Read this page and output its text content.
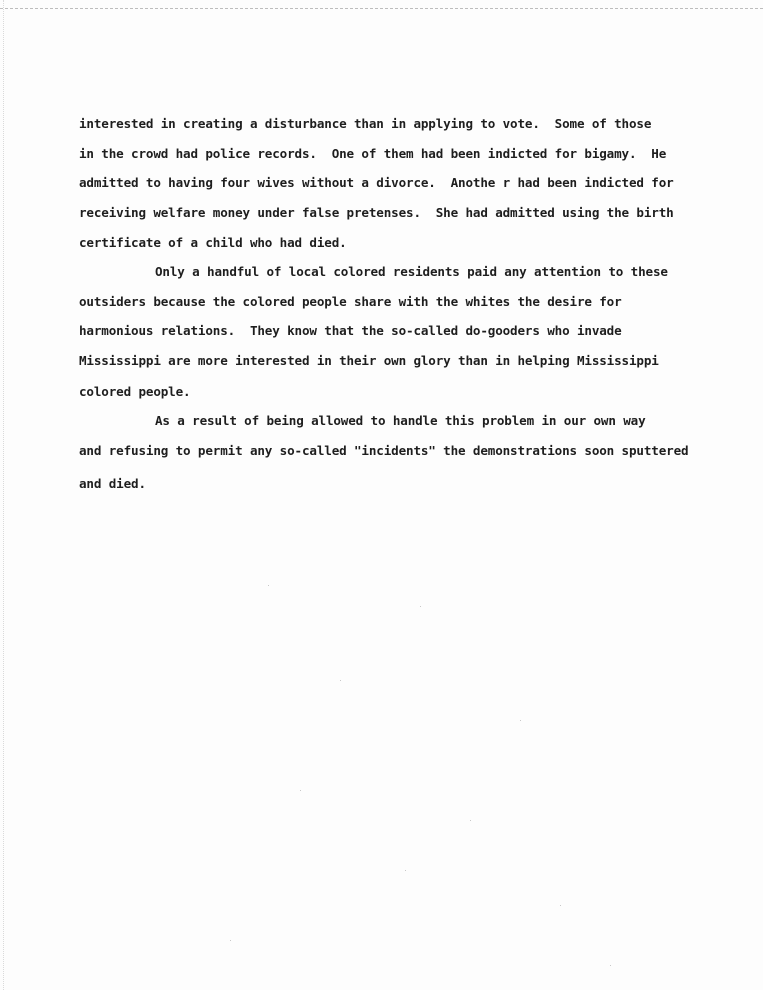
interested in creating a disturbance than in applying to vote.  Some of those

in the crowd had police records.  One of them had been indicted for bigamy.  He

admitted to having four wives without a divorce.  Anothe r had been indicted for

receiving welfare money under false pretenses.  She had admitted using the birth

certificate of a child who had died.

Only a handful of local colored residents paid any attention to these

outsiders because the colored people share with the whites the desire for

harmonious relations.  They know that the so-called do-gooders who invade

Mississippi are more interested in their own glory than in helping Mississippi

colored people.

As a result of being allowed to handle this problem in our own way

and refusing to permit any so-called "incidents" the demonstrations soon sputtered

and died.
